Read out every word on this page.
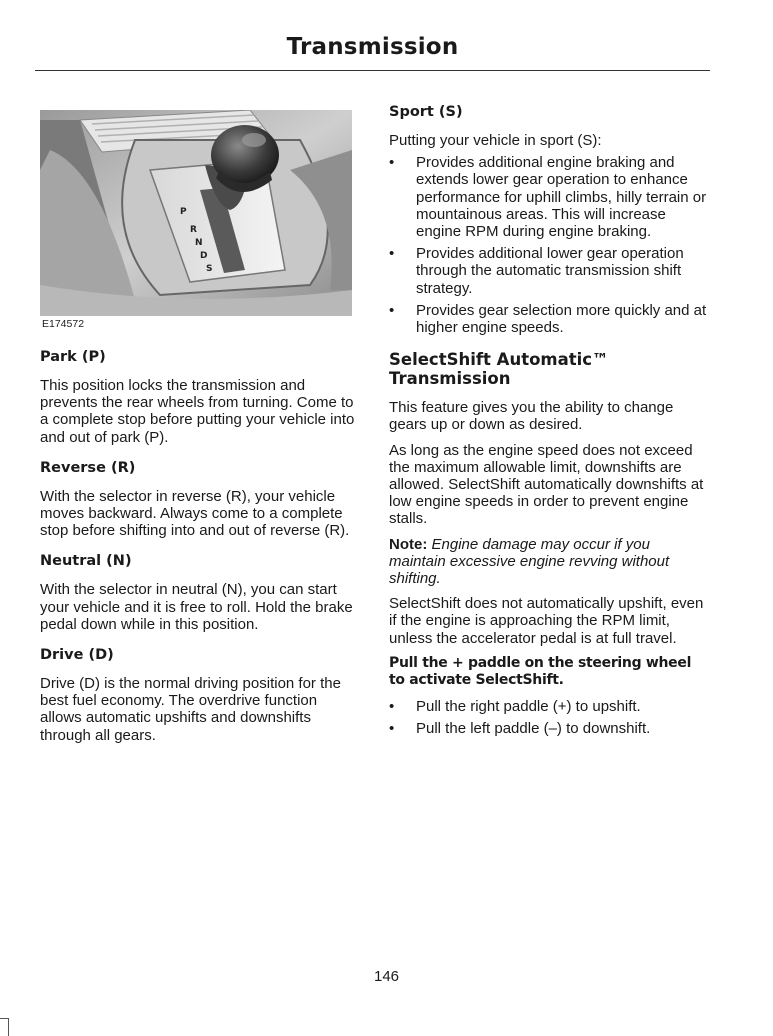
Transmission
P
R
N
D
S
E174572
Park (P)

This position locks the transmission and prevents the rear wheels from turning. Come to a complete stop before putting your vehicle into and out of park (P).

Reverse (R)

With the selector in reverse (R), your vehicle moves backward. Always come to a complete stop before shifting into and out of reverse (R).

Neutral (N)

With the selector in neutral (N), you can start your vehicle and it is free to roll. Hold the brake pedal down while in this position.

Drive (D)

Drive (D) is the normal driving position for the best fuel economy. The overdrive function allows automatic upshifts and downshifts through all gears.

Sport (S)

Putting your vehicle in sport (S):

• Provides additional engine braking and extends lower gear operation to enhance performance for uphill climbs, hilly terrain or mountainous areas. This will increase engine RPM during engine braking.
• Provides additional lower gear operation through the automatic transmission shift strategy.
• Provides gear selection more quickly and at higher engine speeds.
SelectShift Automatic™ Transmission

This feature gives you the ability to change gears up or down as desired.

As long as the engine speed does not exceed the maximum allowable limit, downshifts are allowed. SelectShift automatically downshifts at low engine speeds in order to prevent engine stalls.

Note: Engine damage may occur if you maintain excessive engine revving without shifting.

SelectShift does not automatically upshift, even if the engine is approaching the RPM limit, unless the accelerator pedal is at full travel.

Pull the + paddle on the steering wheel to activate SelectShift.

• Pull the right paddle (+) to upshift.
• Pull the left paddle (–) to downshift.
146
